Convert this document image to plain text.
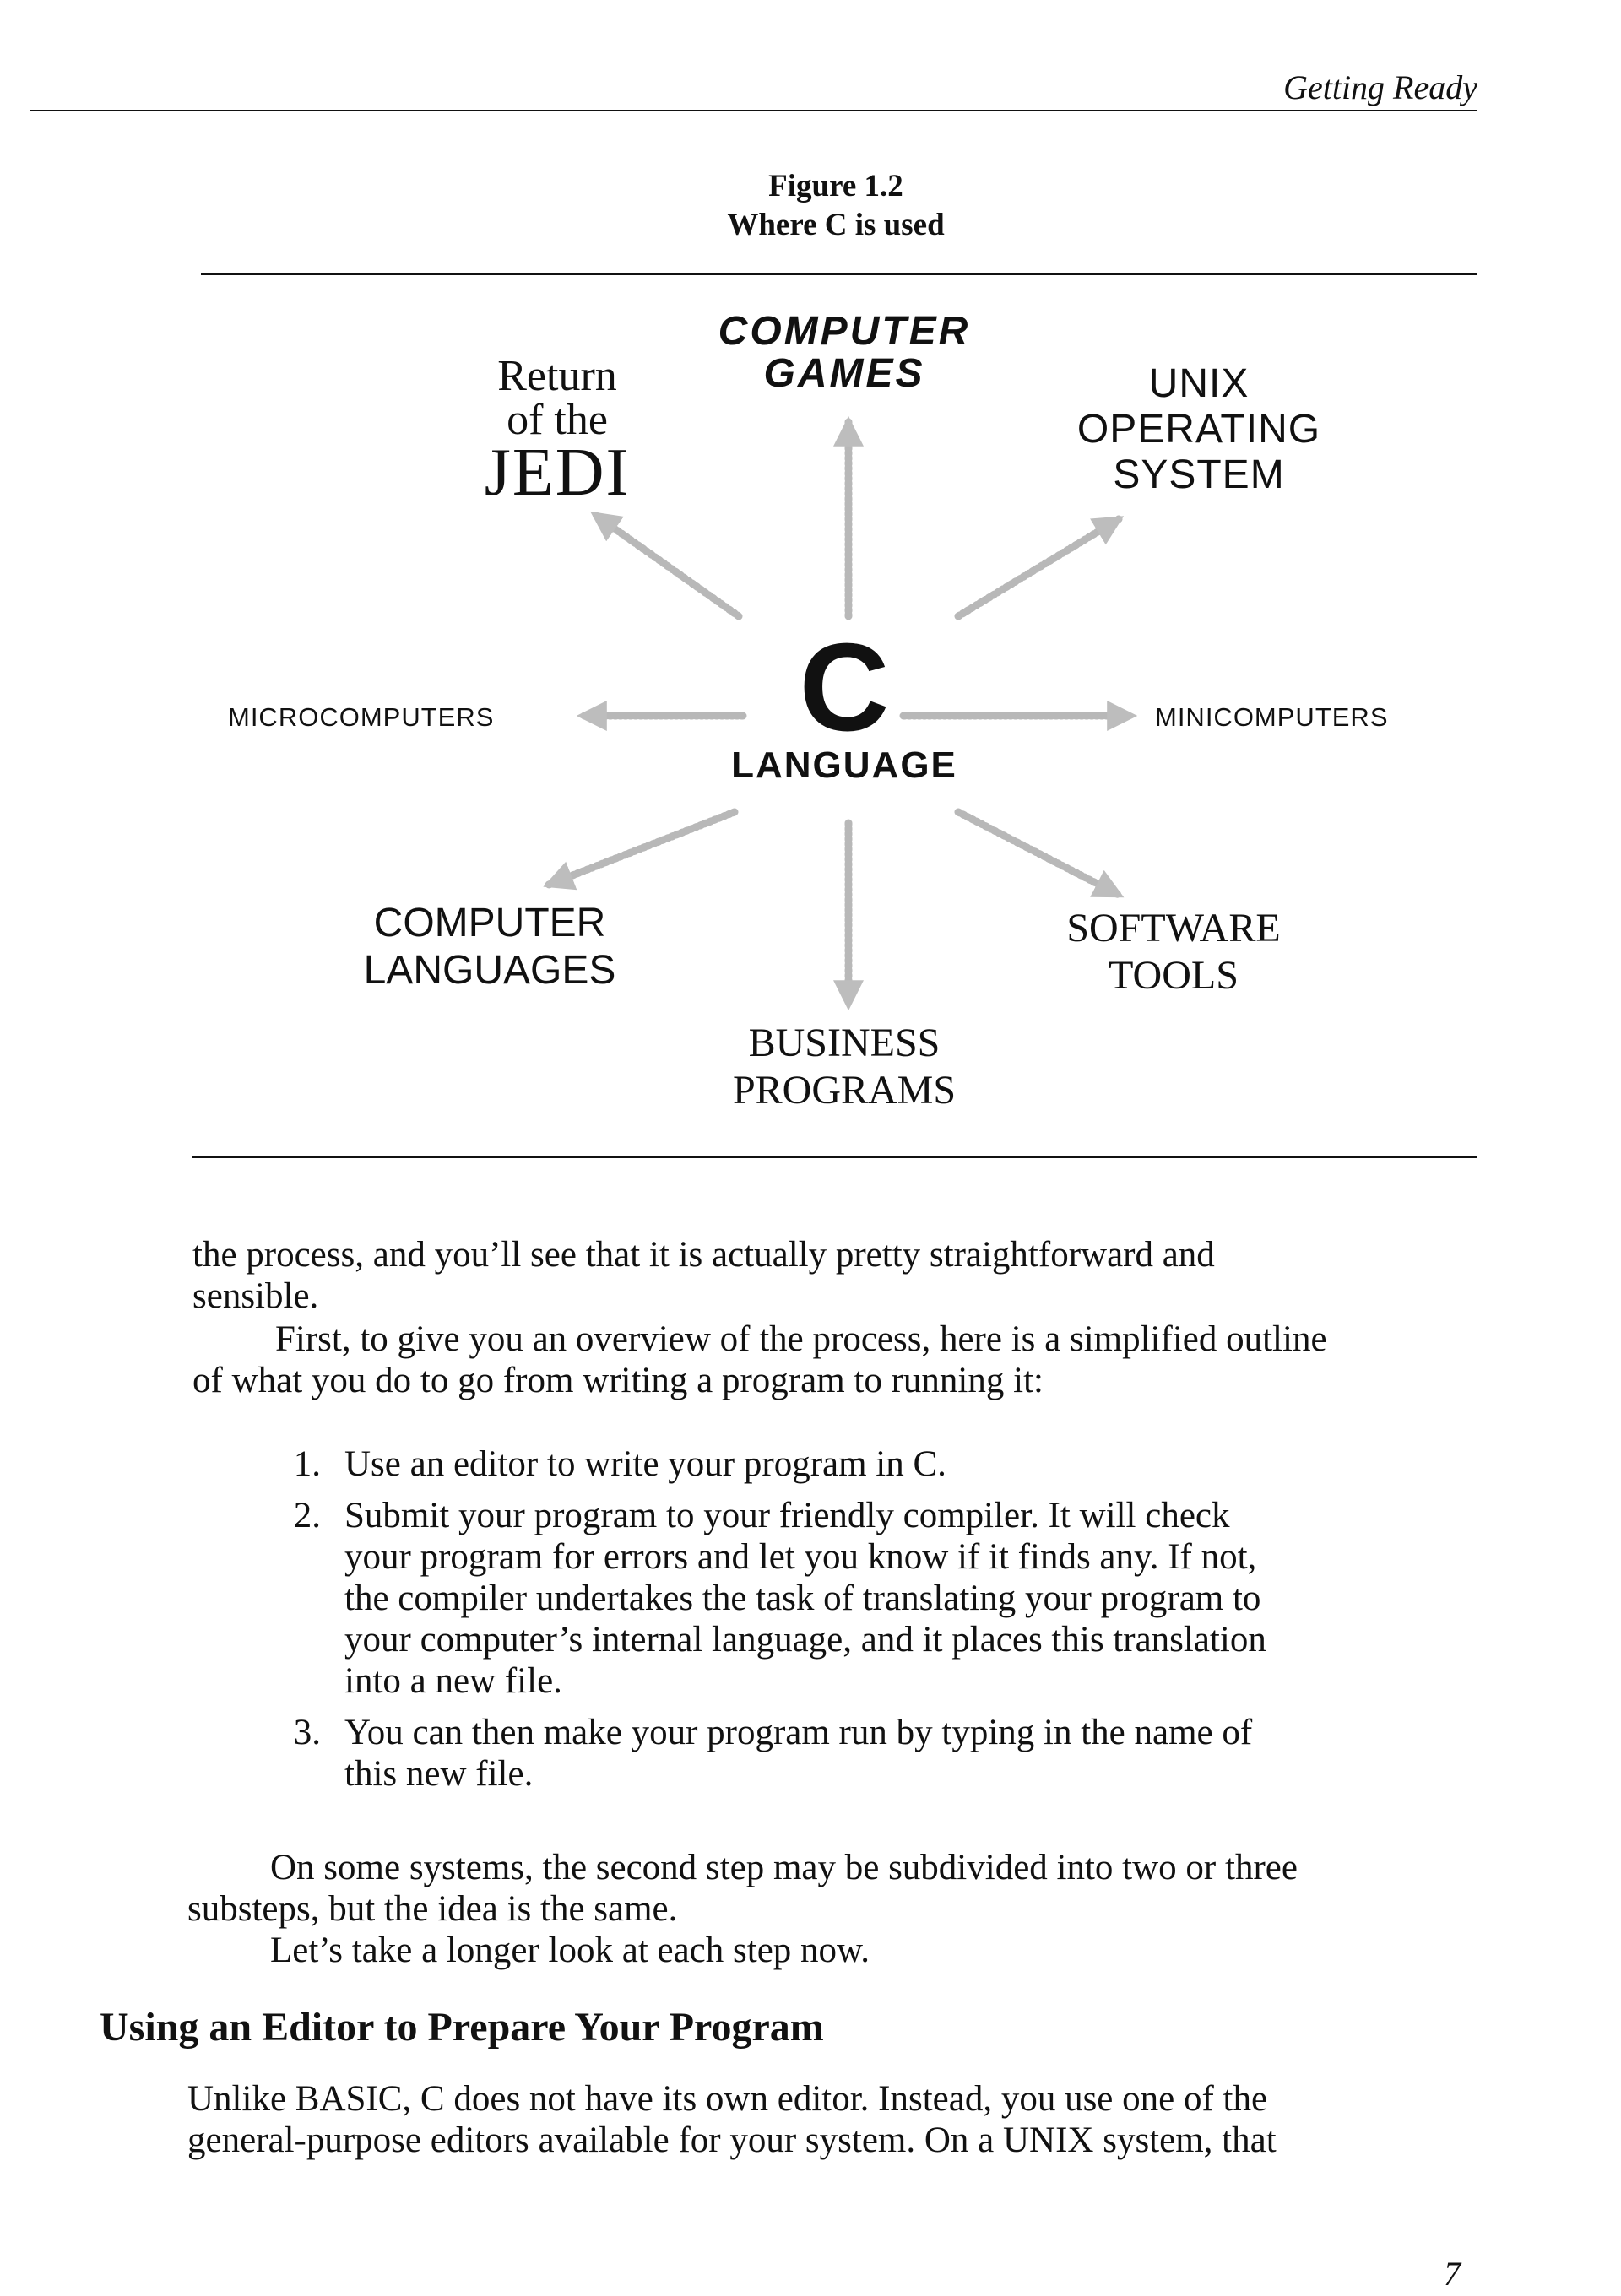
Getting Ready
Figure 1.2
Where C is used
COMPUTER
GAMES
Return
of the
JEDI
UNIX
OPERATING
SYSTEM
MICROCOMPUTERS	MINICOMPUTERS
C
LANGUAGE
COMPUTER
LANGUAGES
SOFTWARE
TOOLS
BUSINESS
PROGRAMS
the process, and you’ll see that it is actually pretty straightforward and
sensible.
First, to give you an overview of the process, here is a simplified outline
of what you do to go from writing a program to running it:
1. Use an editor to write your program in C.
2. Submit your program to your friendly compiler. It will check
your program for errors and let you know if it finds any. If not,
the compiler undertakes the task of translating your program to
your computer’s internal language, and it places this translation
into a new file.
3. You can then make your program run by typing in the name of
this new file.
On some systems, the second step may be subdivided into two or three
substeps, but the idea is the same.
Let’s take a longer look at each step now.
Using an Editor to Prepare Your Program
Unlike BASIC, C does not have its own editor. Instead, you use one of the
general-purpose editors available for your system. On a UNIX system, that
7
